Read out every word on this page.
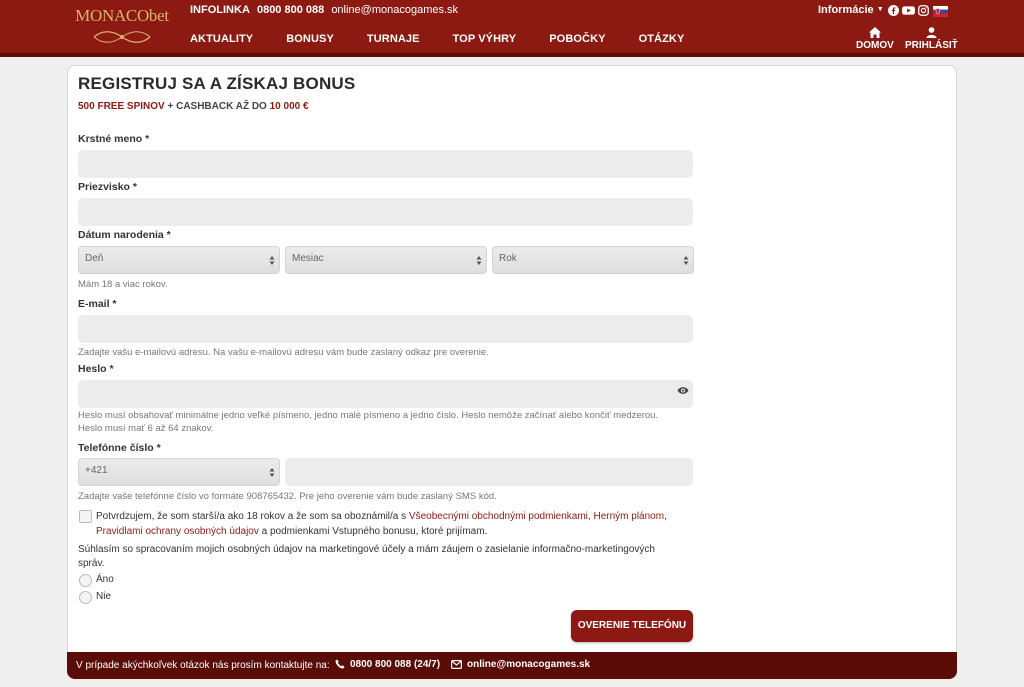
MONACObet INFOLINKA 0800 800 088 online@monacogames.sk
AKTUALITY	BONUSY	TURNAJE	TOP VÝHRY	POBOČKY	OTÁZKY
Informácie ▼
DOMOV PRIHLÁSIŤ
REGISTRUJ SA A ZÍSKAJ BONUS
500 FREE SPINOV + CASHBACK AŽ DO 10 000 €
Krstné meno *
Priezvisko *
Dátum narodenia *
Deň	Mesiac	Rok
Mám 18 a viac rokov.
E-mail *
Zadajte vašu e-mailovú adresu. Na vašu e-mailovú adresu vám bude zaslaný odkaz pre overenie.
Heslo *
Heslo musí obsahovať minimálne jedno veľké písmeno, jedno malé písmeno a jedno číslo. Heslo nemôže začínať alebo končiť medzerou. Heslo musí mať 6 až 64 znakov.
Telefónne číslo *
+421
Zadajte vaše telefónne číslo vo formáte 908765432. Pre jeho overenie vám bude zaslaný SMS kód.
Potvrdzujem, že som starší/a ako 18 rokov a že som sa oboznámil/a s Všeobecnými obchodnými podmienkami, Herným plánom, Pravidlami ochrany osobných údajov a podmienkami Vstupného bonusu, ktoré prijímam.
Súhlasím so spracovaním mojich osobných údajov na marketingové účely a mám záujem o zasielanie informačno-marketingových správ.
Áno
Nie
OVERENIE TELEFÓNU
V prípade akýchkoľvek otázok nás prosím kontaktujte na:	0800 800 088 (24/7)	online@monacogames.sk
